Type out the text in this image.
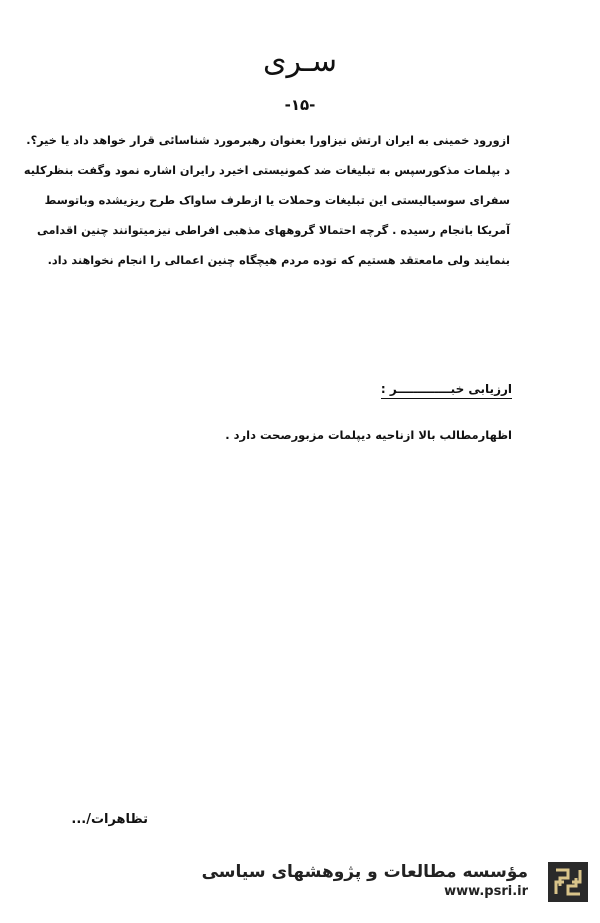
سـری
-۱۵-

ازورود خمینی به ایران ارتش نیزاورا بعنوان رهبرمورد شناسائی قرار خواهد داد یا خیر؟.

د بپلمات مذکورسپس به تبلیغات ضد کمونیستی اخیرد رایران اشاره نمود وگفت بنظرکلیه

سفرای سوسیالیستی این تبلیغات وحملات یا ازطرف ساواک طرح ریزیشده وباتوسط

آمریکا بانجام رسیده . گرچه احتمالا گروههای مذهبی افراطی نیزمیتوانند چنین اقدامی

بنمایند ولی مامعتقد هستیم که توده مردم هیچگاه چنین اعمالی را انجام نخواهند داد.

ارزیابی خبـــــــــــــر :
اظهارمطالب بالا ازناحیه دیپلمات مزبورصحت دارد .
تظاهرات/...
مؤسسه مطالعات و پژوهشهای سیاسی
www.psri.ir
